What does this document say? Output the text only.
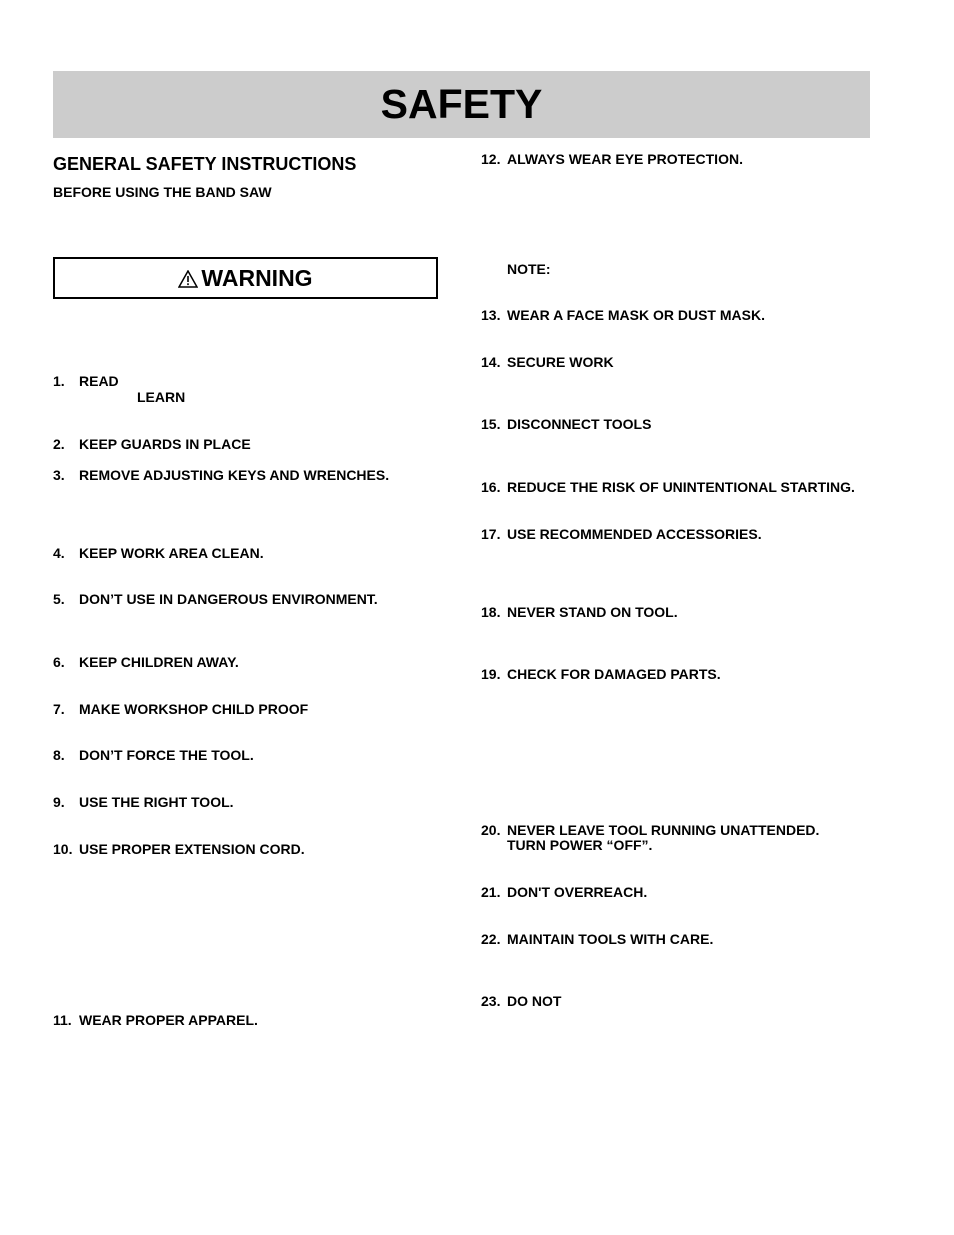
SAFETY
GENERAL SAFETY INSTRUCTIONS
BEFORE USING THE BAND SAW
WARNING
1. READ
LEARN
2. KEEP GUARDS IN PLACE
3. REMOVE ADJUSTING KEYS AND WRENCHES.
4. KEEP WORK AREA CLEAN.
5. DON’T USE IN DANGEROUS ENVIRONMENT.
6. KEEP CHILDREN AWAY.
7. MAKE WORKSHOP CHILD PROOF
8. DON’T FORCE THE TOOL.
9. USE THE RIGHT TOOL.
10. USE PROPER EXTENSION CORD.
11. WEAR PROPER APPAREL.
12. ALWAYS WEAR EYE PROTECTION.
NOTE:
13. WEAR A FACE MASK OR DUST MASK.
14. SECURE WORK
15. DISCONNECT TOOLS
16. REDUCE THE RISK OF UNINTENTIONAL STARTING.
17. USE RECOMMENDED ACCESSORIES.
18. NEVER STAND ON TOOL.
19. CHECK FOR DAMAGED PARTS.
20. NEVER LEAVE TOOL RUNNING UNATTENDED.
TURN POWER “OFF”.
21. DON'T OVERREACH.
22. MAINTAIN TOOLS WITH CARE.
23. DO NOT
